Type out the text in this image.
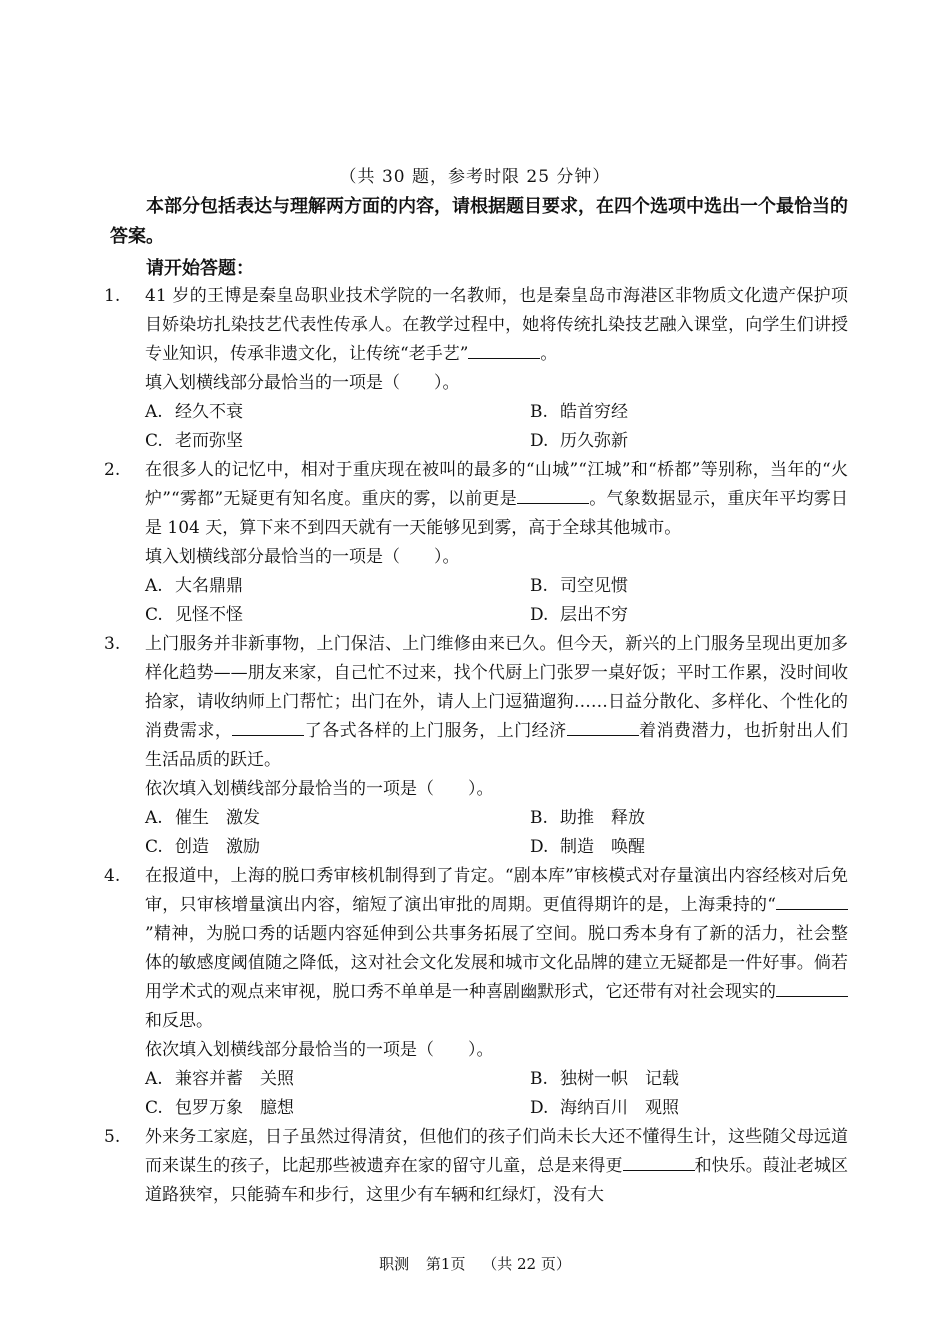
（共 30 题，参考时限 25 分钟）
本部分包括表达与理解两方面的内容，请根据题目要求，在四个选项中选出一个最恰当的答案。
请开始答题：
1. 41 岁的王博是秦皇岛职业技术学院的一名教师，也是秦皇岛市海港区非物质文化遗产保护项目娇染坊扎染技艺代表性传承人。在教学过程中，她将传统扎染技艺融入课堂，向学生们讲授专业知识，传承非遗文化，让传统“老手艺”	。
填入划横线部分最恰当的一项是（　　）。
A. 经久不衰	B. 皓首穷经
C. 老而弥坚	D. 历久弥新
2. 在很多人的记忆中，相对于重庆现在被叫的最多的“山城”“江城”和“桥都”等别称，当年的“火炉”“雾都”无疑更有知名度。重庆的雾，以前更是	。气象数据显示，重庆年平均雾日是 104 天，算下来不到四天就有一天能够见到雾，高于全球其他城市。
填入划横线部分最恰当的一项是（　　）。
A. 大名鼎鼎	B. 司空见惯
C. 见怪不怪	D. 层出不穷
3. 上门服务并非新事物，上门保洁、上门维修由来已久。但今天，新兴的上门服务呈现出更加多样化趋势——朋友来家，自己忙不过来，找个代厨上门张罗一桌好饭；平时工作累，没时间收拾家，请收纳师上门帮忙；出门在外，请人上门逗猫遛狗……日益分散化、多样化、个性化的消费需求，	了各式各样的上门服务，上门经济	着消费潜力，也折射出人们生活品质的跃迁。
依次填入划横线部分最恰当的一项是（　　）。
A. 催生　激发	B. 助推　释放
C. 创造　激励	D. 制造　唤醒
4. 在报道中，上海的脱口秀审核机制得到了肯定。“剧本库”审核模式对存量演出内容经核对后免审，只审核增量演出内容，缩短了演出审批的周期。更值得期许的是，上海秉持的“”精神，为脱口秀的话题内容延伸到公共事务拓展了空间。脱口秀本身有了新的活力，社会整体的敏感度阈值随之降低，这对社会文化发展和城市文化品牌的建立无疑都是一件好事。倘若用学术式的观点来审视，脱口秀不单单是一种喜剧幽默形式，它还带有对社会现实的和反思。
依次填入划横线部分最恰当的一项是（　　）。
A. 兼容并蓄　关照	B. 独树一帜　记载
C. 包罗万象　臆想	D. 海纳百川　观照
5. 外来务工家庭，日子虽然过得清贫，但他们的孩子们尚未长大还不懂得生计，这些随父母远道而来谋生的孩子，比起那些被遗弃在家的留守儿童，总是来得更	和快乐。葭沚老城区道路狭窄，只能骑车和步行，这里少有车辆和红绿灯，没有大
职测 第1页 （共 22 页）
